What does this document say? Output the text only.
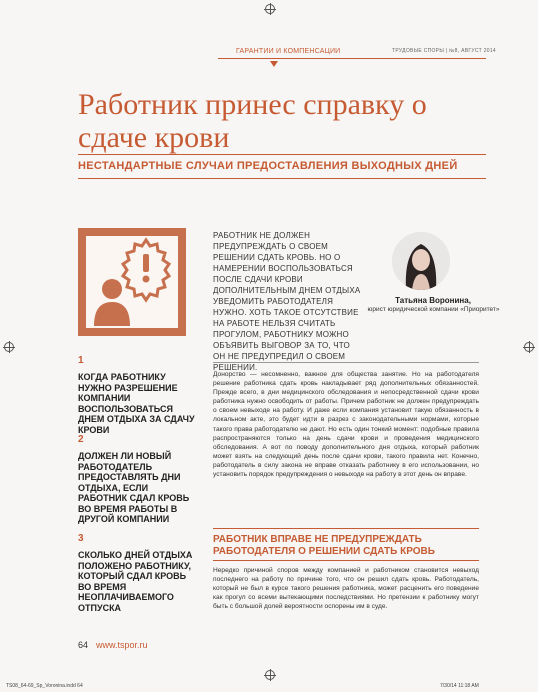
ГАРАНТИИ И КОМПЕНСАЦИИ	ТРУДОВЫЕ СПОРЫ | №8, АВГУСТ 2014
Работник принес справку о сдаче крови
НЕСТАНДАРТНЫЕ СЛУЧАИ ПРЕДОСТАВЛЕНИЯ ВЫХОДНЫХ ДНЕЙ
1
КОГДА РАБОТНИКУ НУЖНО РАЗРЕШЕНИЕ КОМПАНИИ ВОСПОЛЬЗОВАТЬСЯ ДНЕМ ОТДЫХА ЗА СДАЧУ КРОВИ
2
ДОЛЖЕН ЛИ НОВЫЙ РАБОТОДАТЕЛЬ ПРЕДОСТАВЛЯТЬ ДНИ ОТДЫХА, ЕСЛИ РАБОТНИК СДАЛ КРОВЬ ВО ВРЕМЯ РАБОТЫ В ДРУГОЙ КОМПАНИИ
3
СКОЛЬКО ДНЕЙ ОТДЫХА ПОЛОЖЕНО РАБОТНИКУ, КОТОРЫЙ СДАЛ КРОВЬ ВО ВРЕМЯ НЕОПЛАЧИВАЕМОГО ОТПУСКА
РАБОТНИК НЕ ДОЛЖЕН ПРЕДУПРЕЖДАТЬ О СВОЕМ РЕШЕНИИ СДАТЬ КРОВЬ. НО О НАМЕРЕНИИ ВОСПОЛЬЗОВАТЬСЯ ПОСЛЕ СДАЧИ КРОВИ ДОПОЛНИТЕЛЬНЫМ ДНЕМ ОТДЫХА УВЕДОМИТЬ РАБОТОДАТЕЛЯ НУЖНО. ХОТЬ ТАКОЕ ОТСУТСТВИЕ НА РАБОТЕ НЕЛЬЗЯ СЧИТАТЬ ПРОГУЛОМ, РАБОТНИКУ МОЖНО ОБЪЯВИТЬ ВЫГОВОР ЗА ТО, ЧТО ОН НЕ ПРЕДУПРЕДИЛ О СВОЕМ РЕШЕНИИ.
Татьяна Воронина,
юрист юридической компании «Приоритет»
Донорство — несомненно, важное для общества занятие. Но на работодателя решение работника сдать кровь накладывает ряд дополнительных обязанностей. Прежде всего, в дни медицинского обследования и непосредственной сдачи крови работника нужно освободить от работы. Причем работник не должен предупреждать о своем невыходе на работу. И даже если компания установит такую обязанность в локальном акте, это будет идти в разрез с законодательными нормами, которые такого права работодателю не дают. Но есть один тонкий момент: подобные правила распространяются только на день сдачи крови и проведения медицинского обследования. А вот по поводу дополнительного дня отдыха, который работник может взять на следующий день после сдачи крови, такого правила нет. Конечно, работодатель в силу закона не вправе отказать работнику в его использовании, но установить порядок предупреждения о невыходе на работу в этот день он вправе.
РАБОТНИК ВПРАВЕ НЕ ПРЕДУПРЕЖДАТЬ РАБОТОДАТЕЛЯ О РЕШЕНИИ СДАТЬ КРОВЬ
Нередко причиной споров между компанией и работником становится невыход последнего на работу по причине того, что он решил сдать кровь. Работодатель, который не был в курсе такого решения работника, может расценить его поведение как прогул со всеми вытекающими последствиями. Но претензии к работнику могут быть с большой долей вероятности оспорены им в суде.
64 www.tspor.ru
TS08_64-69_Sp_Voronina.indd 64	7/30/14 11:18 AM
